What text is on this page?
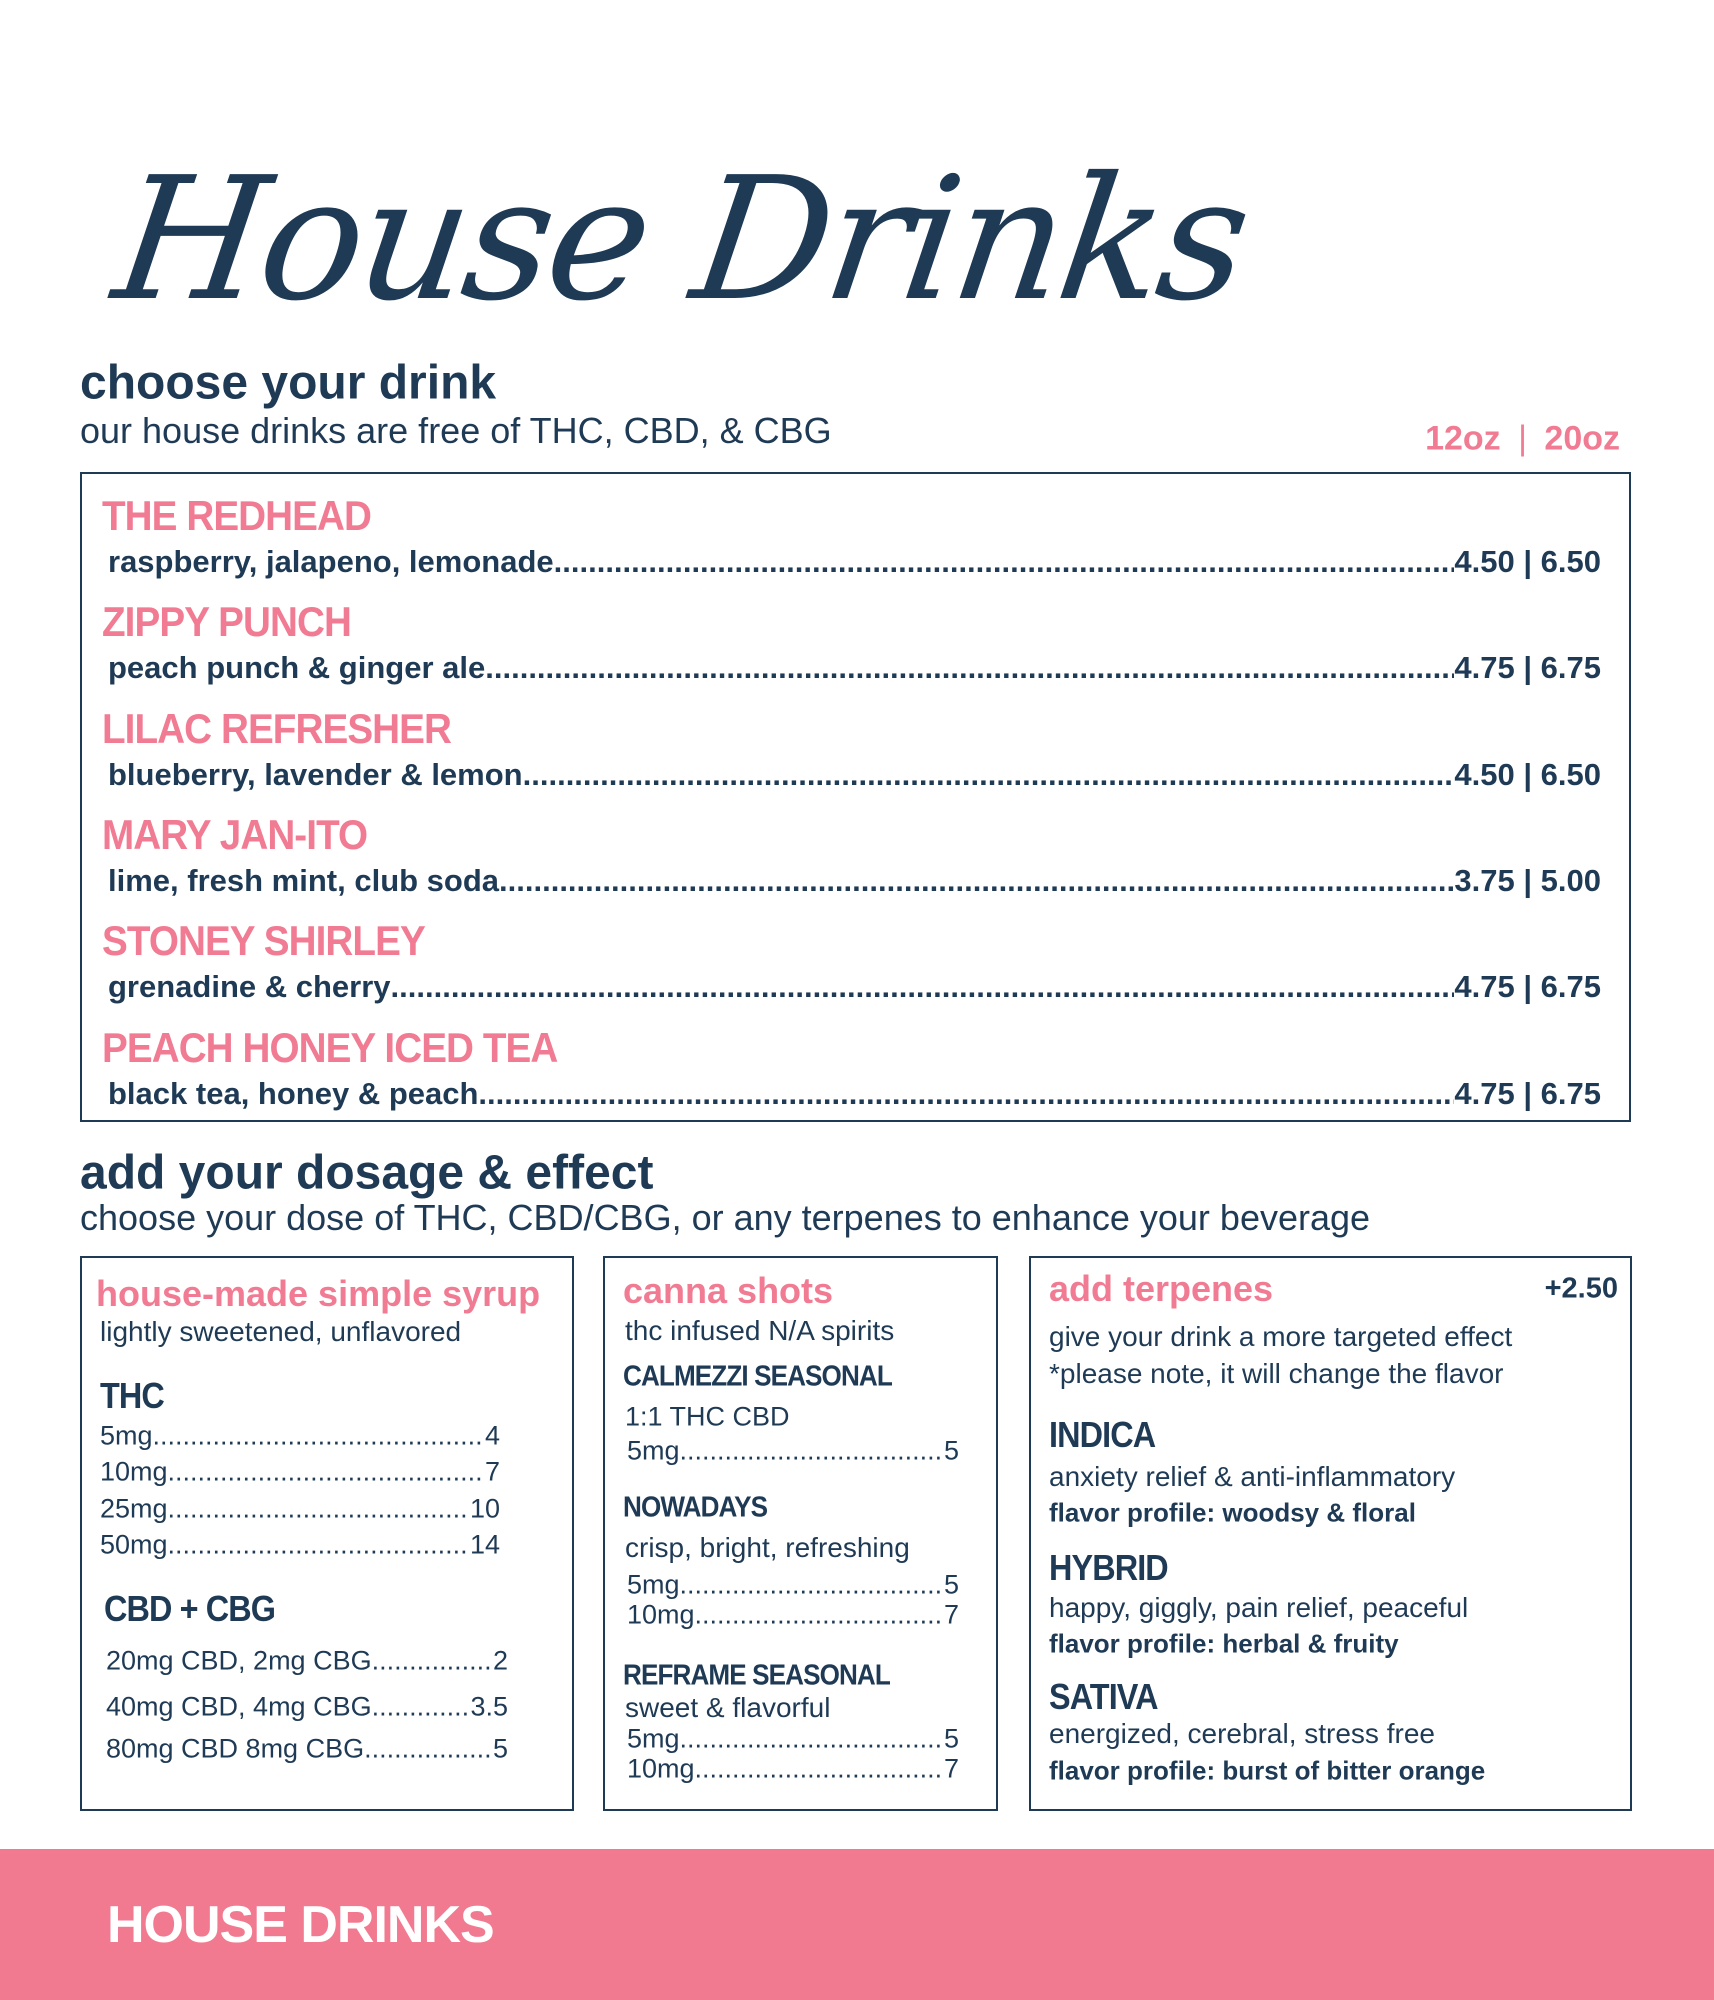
House Drinks
choose your drink
our house drinks are free of THC, CBD, & CBG	12oz | 20oz
THE REDHEAD
raspberry, jalapeno, lemonade .....	4.50 | 6.50
ZIPPY PUNCH
peach punch & ginger ale .....	4.75 | 6.75
LILAC REFRESHER
blueberry, lavender & lemon .....	4.50 | 6.50
MARY JAN-ITO
lime, fresh mint, club soda .....	3.75 | 5.00
STONEY SHIRLEY
grenadine & cherry .....	4.75 | 6.75
PEACH HONEY ICED TEA
black tea, honey & peach .....	4.75 | 6.75
add your dosage & effect
choose your dose of THC, CBD/CBG, or any terpenes to enhance your beverage
house-made simple syrup
lightly sweetened, unflavored
THC
5mg .....	4
10mg .....	7
25mg .....	10
50mg .....	14
CBD + CBG
20mg CBD, 2mg CBG .....	2
40mg CBD, 4mg CBG .....	3.5
80mg CBD 8mg CBG .....	5
canna shots
thc infused N/A spirits
CALMEZZI SEASONAL
1:1 THC CBD
5mg .....	5
NOWADAYS
crisp, bright, refreshing
5mg .....	5
10mg .....	7
REFRAME SEASONAL
sweet & flavorful
5mg .....	5
10mg .....	7
add terpenes	+2.50
give your drink a more targeted effect
*please note, it will change the flavor
INDICA
anxiety relief & anti-inflammatory
flavor profile: woodsy & floral
HYBRID
happy, giggly, pain relief, peaceful
flavor profile: herbal & fruity
SATIVA
energized, cerebral, stress free
flavor profile: burst of bitter orange
HOUSE DRINKS
